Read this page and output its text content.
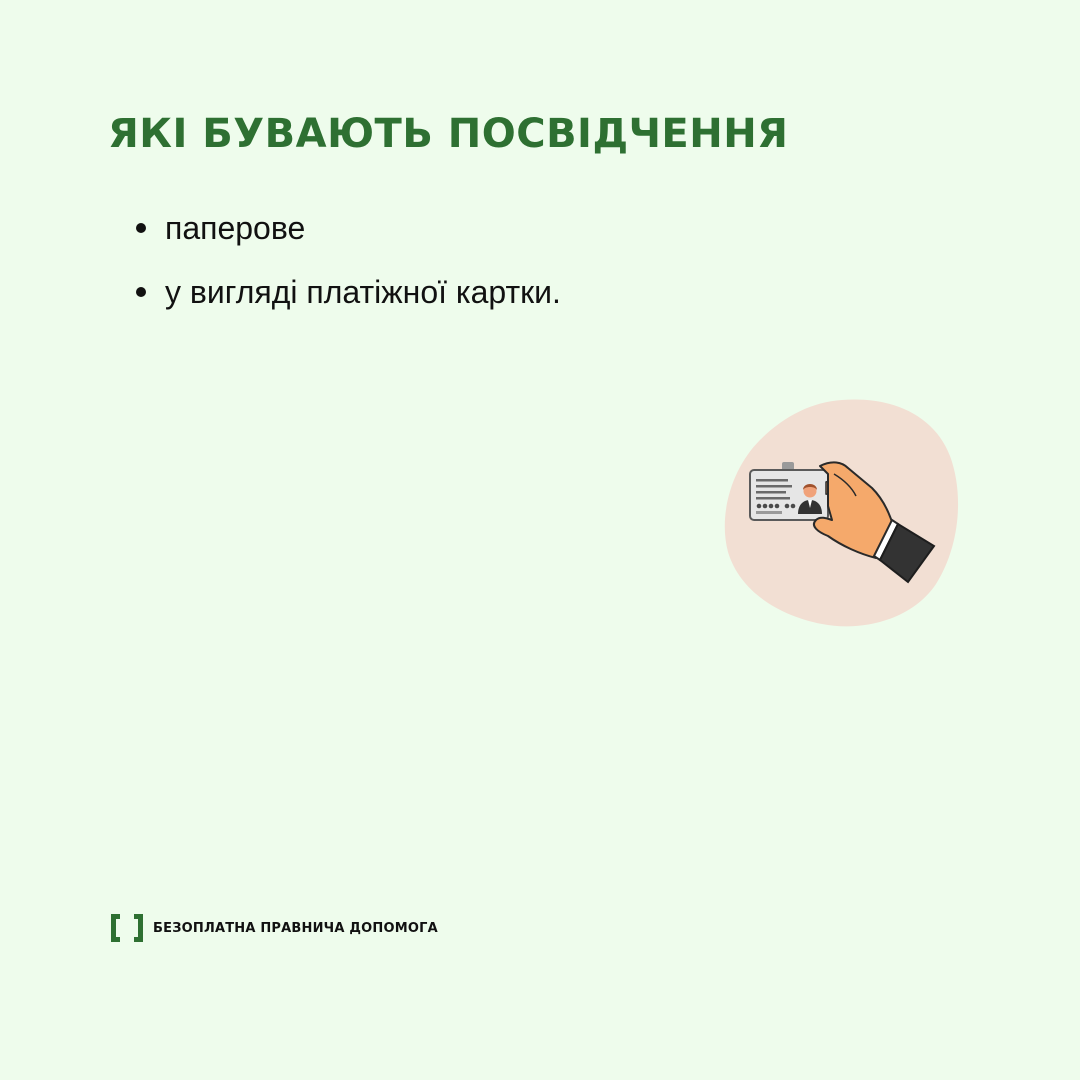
ЯКІ БУВАЮТЬ ПОСВІДЧЕННЯ
паперове
у вигляді платіжної картки.
БЕЗОПЛАТНА ПРАВНИЧА ДОПОМОГА
